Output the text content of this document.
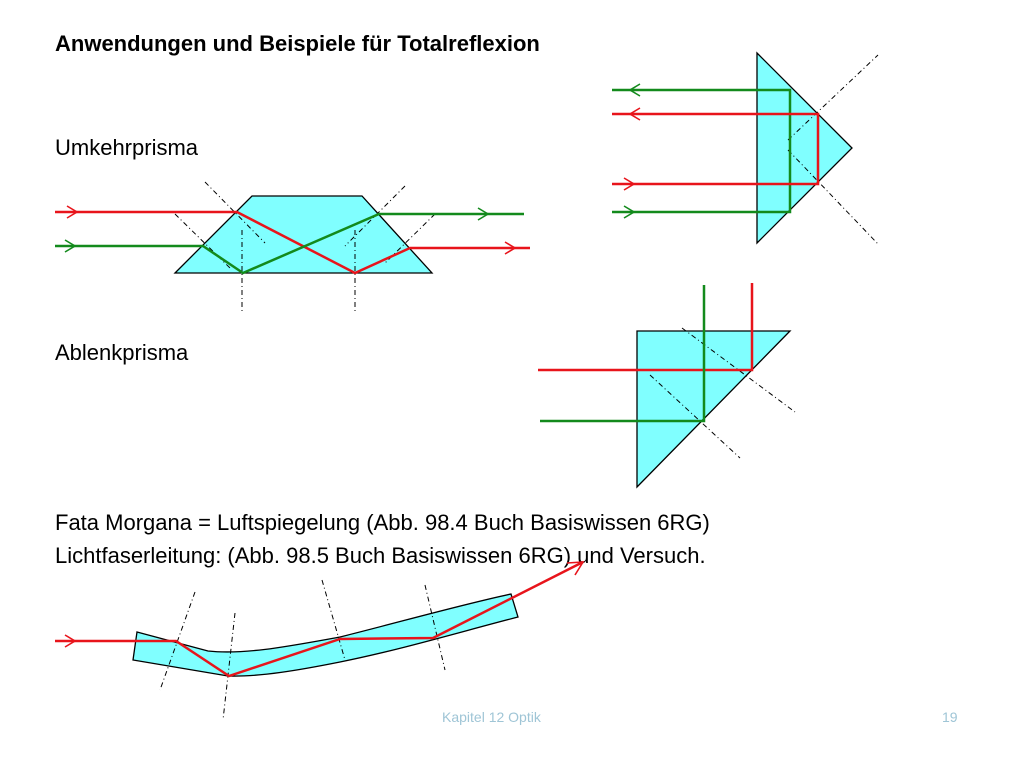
Anwendungen und Beispiele für Totalreflexion
Umkehrprisma
Ablenkprisma
Fata Morgana = Luftspiegelung (Abb. 98.4 Buch Basiswissen 6RG)
Lichtfaserleitung: (Abb. 98.5 Buch Basiswissen 6RG) und Versuch.
Kapitel 12 Optik	19
